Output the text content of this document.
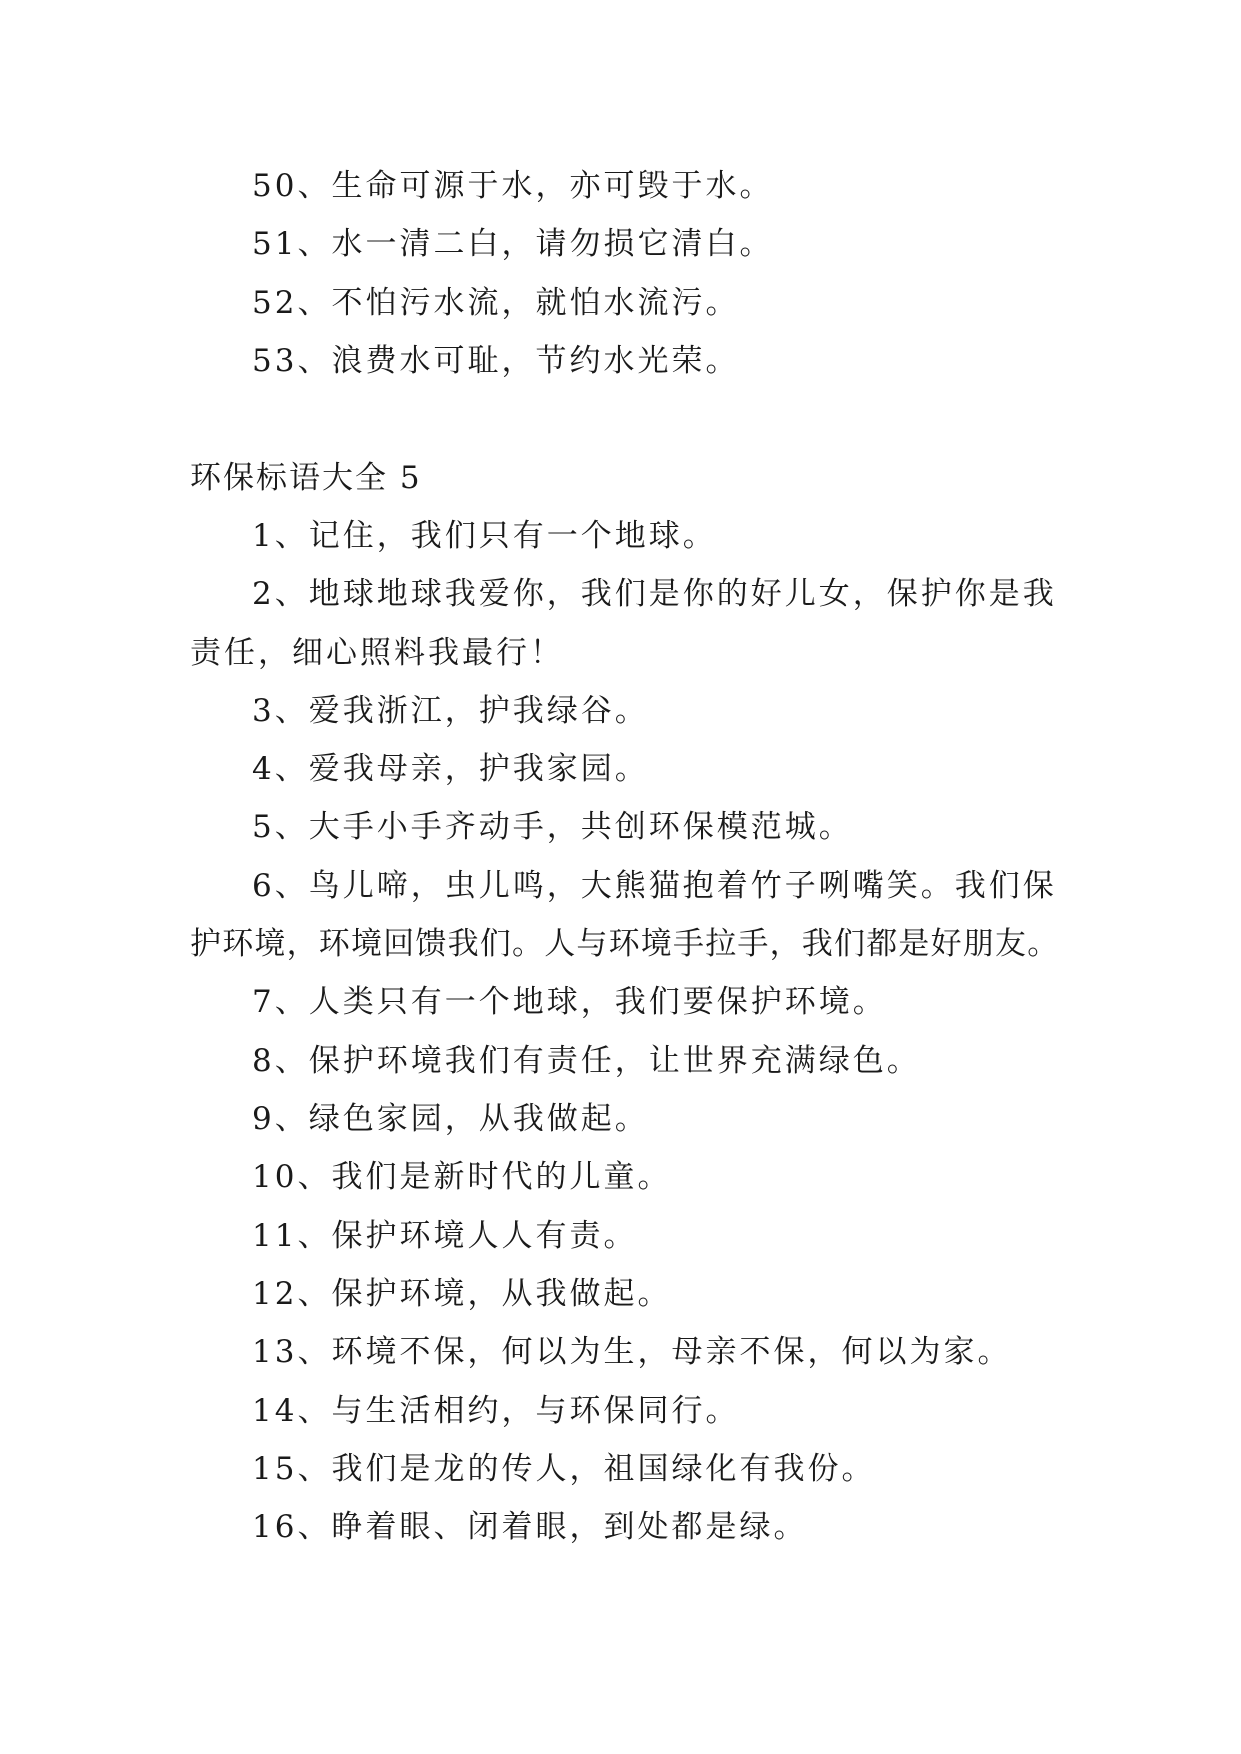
50、生命可源于水，亦可毁于水。
51、水一清二白，请勿损它清白。
52、不怕污水流，就怕水流污。
53、浪费水可耻，节约水光荣。
环保标语大全 5
1、记住，我们只有一个地球。
2、地球地球我爱你，我们是你的好儿女，保护你是我
责任，细心照料我最行！
3、爱我浙江，护我绿谷。
4、爱我母亲，护我家园。
5、大手小手齐动手，共创环保模范城。
6、鸟儿啼，虫儿鸣，大熊猫抱着竹子咧嘴笑。我们保
护环境，环境回馈我们。人与环境手拉手，我们都是好朋友。
7、人类只有一个地球，我们要保护环境。
8、保护环境我们有责任，让世界充满绿色。
9、绿色家园，从我做起。
10、我们是新时代的儿童。
11、保护环境人人有责。
12、保护环境，从我做起。
13、环境不保，何以为生，母亲不保，何以为家。
14、与生活相约，与环保同行。
15、我们是龙的传人，祖国绿化有我份。
16、睁着眼、闭着眼，到处都是绿。
